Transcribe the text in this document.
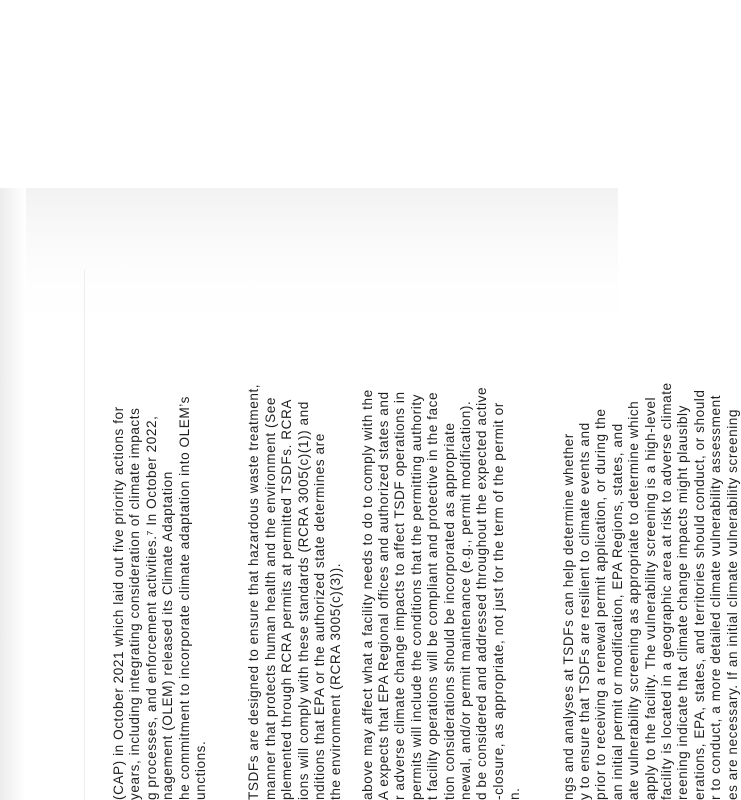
(CAP) in October 2021 which laid out five priority actions for years, including integrating consideration of climate impacts g processes, and enforcement activities.⁷ In October 2022, nagement (OLEM) released its Climate Adaptation he commitment to incorporate climate adaptation into OLEM’s unctions.	TSDFs are designed to ensure that hazardous waste treatment, manner that protects human health and the environment (See plemented through RCRA permits at permitted TSDFs. RCRA ions will comply with these standards (RCRA 3005(c)(1)) and nditions that EPA or the authorized state determines are the environment (RCRA 3005(c)(3)). above may affect what a facility needs to do to comply with the A expects that EPA Regional offices and authorized states and r adverse climate change impacts to affect TSDF operations in permits will include the conditions that the permitting authority t facility operations will be compliant and protective in the face tion considerations should be incorporated as appropriate newal, and/or permit maintenance (e.g., permit modification). d be considered and addressed throughout the expected active -closure, as appropriate, not just for the term of the permit or n.	ngs and analyses at TSDFs can help determine whether y to ensure that TSDFs are resilient to climate events and prior to receiving a renewal permit application, or during the an initial permit or modification, EPA Regions, states, and ate vulnerability screening as appropriate to determine which apply to the facility. The vulnerability screening is a high-level facility is located in a geographic area at risk to adverse climate reening indicate that climate change impacts might plausibly erations, EPA, states, and territories should conduct, or should r to conduct, a more detailed climate vulnerability assessment es are necessary. If an initial climate vulnerability screening
